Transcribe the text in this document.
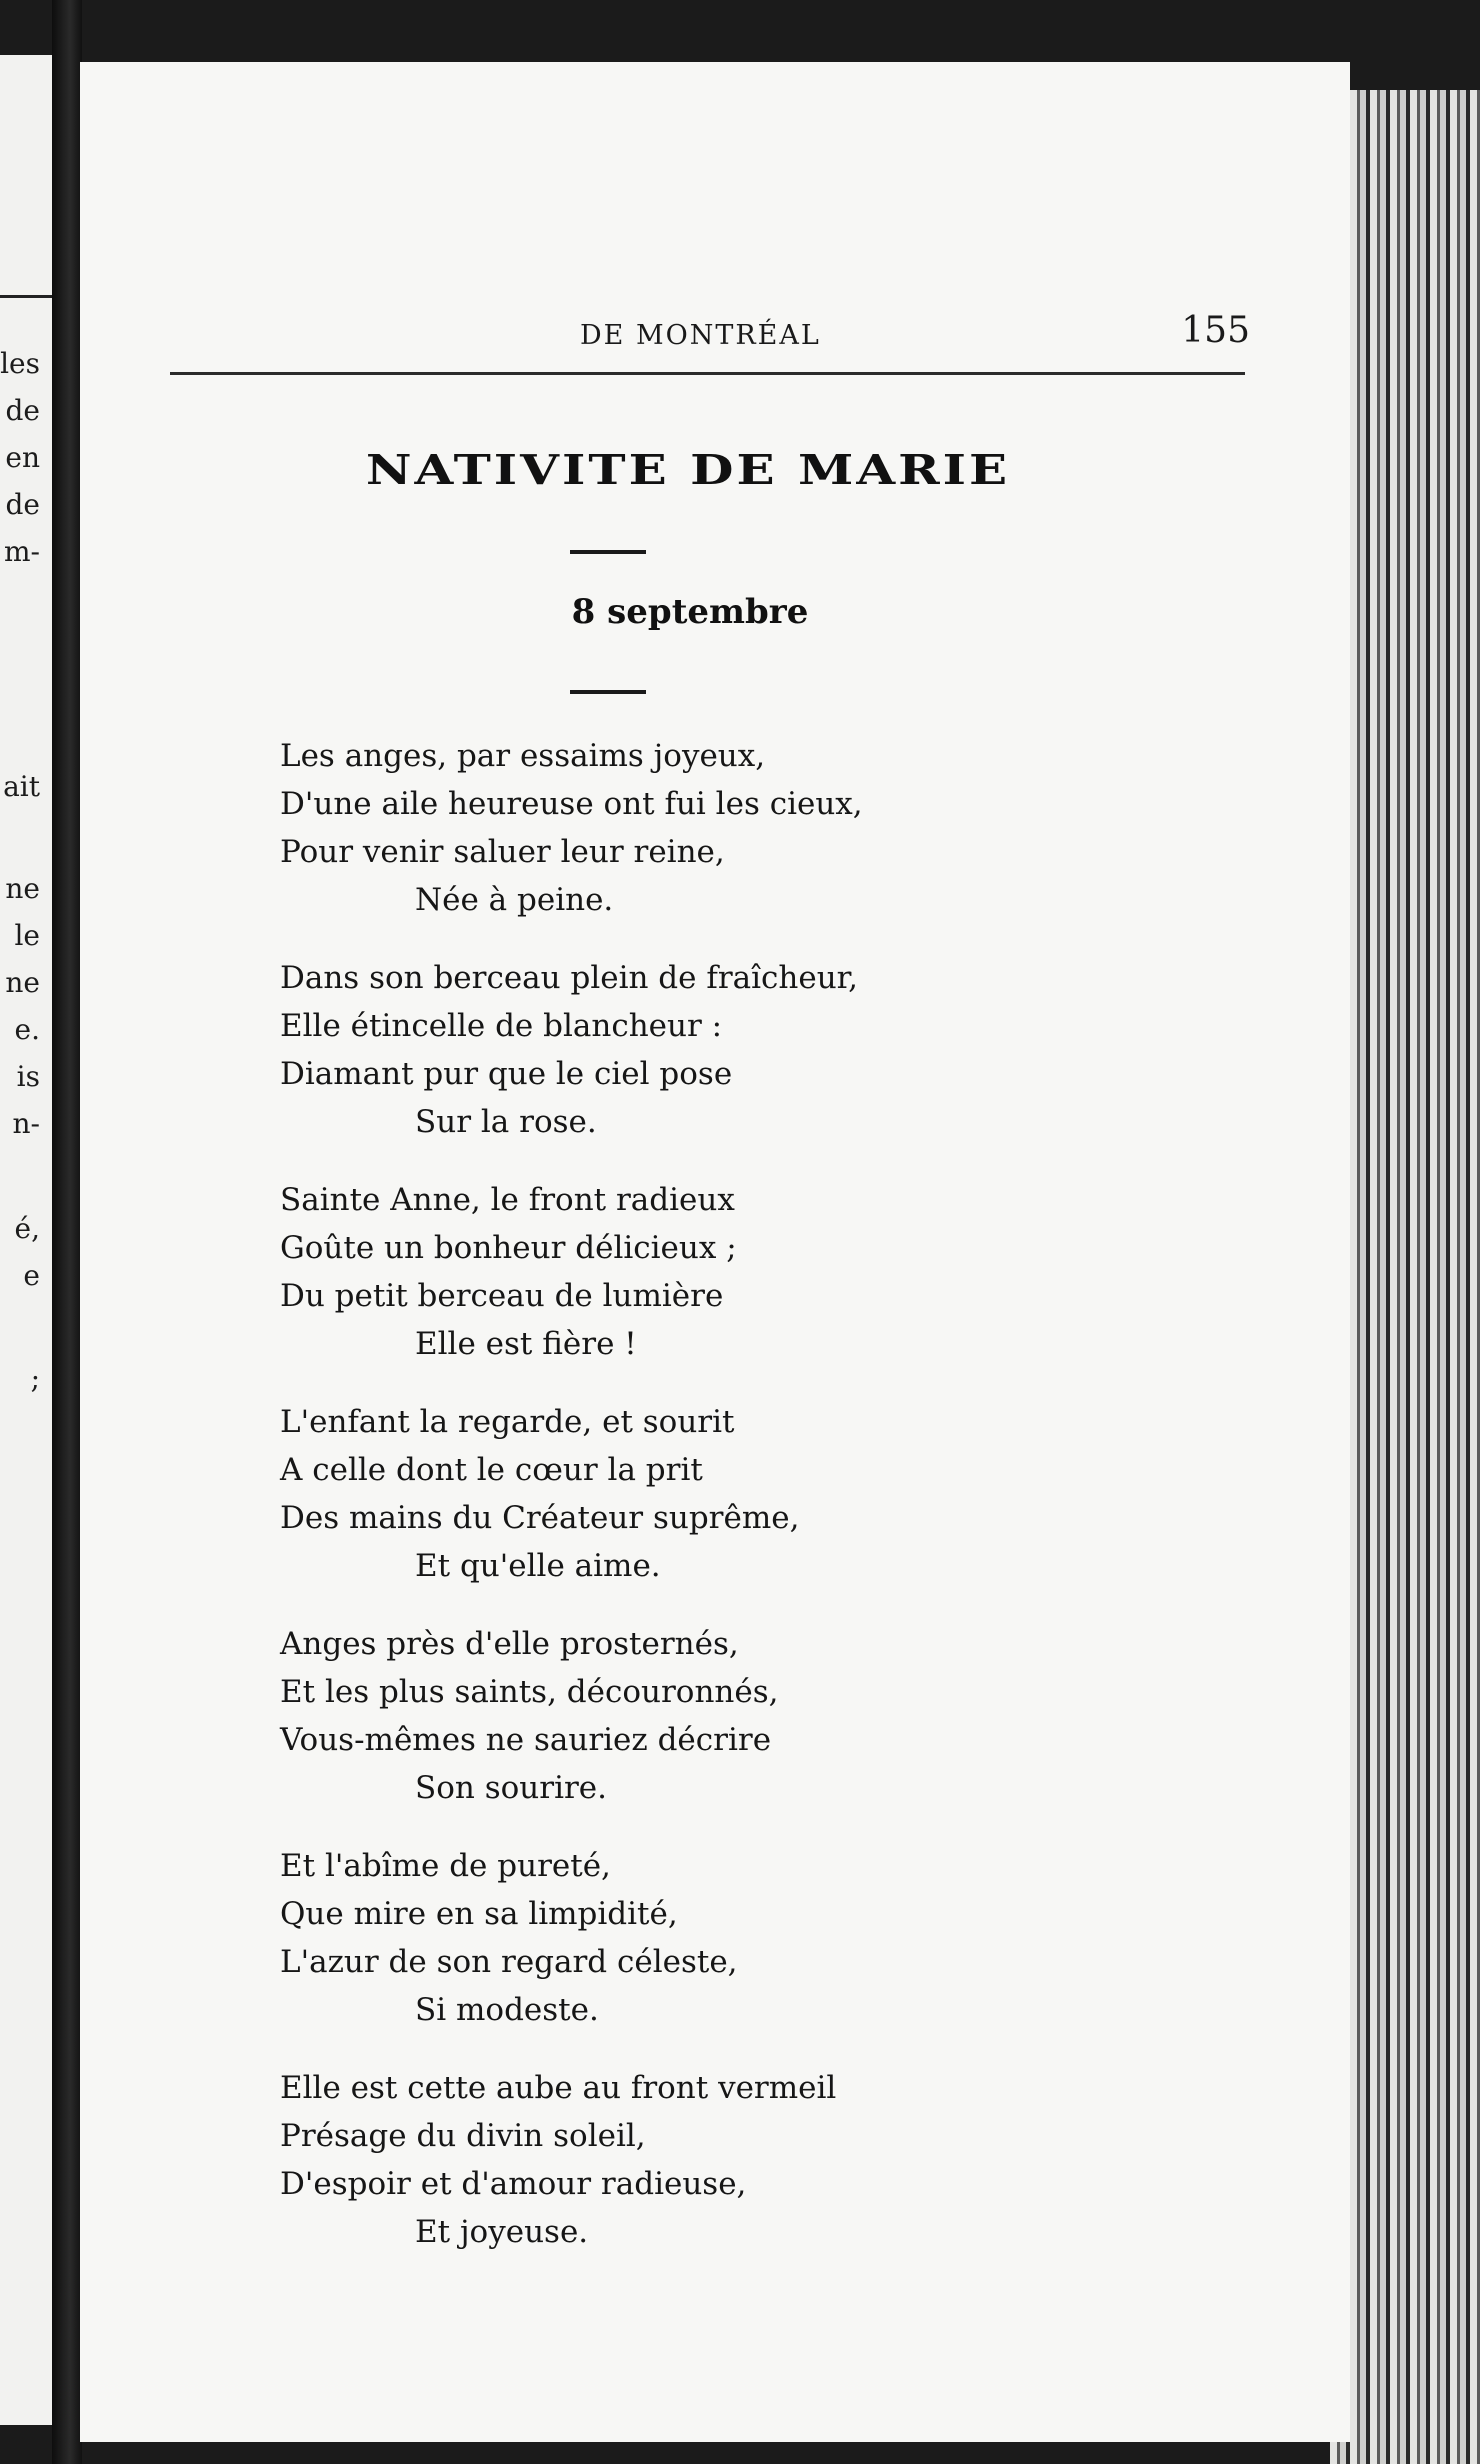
les

de

en

de

m-

ait

ne

le

ne

e.

is

n-

é,

e

;

DE MONTRÉAL	155
NATIVITE DE MARIE

8 septembre

Les anges, par essaims joyeux,
D'une aile heureuse ont fui les cieux,
Pour venir saluer leur reine,
Née à peine.
Dans son berceau plein de fraîcheur,
Elle étincelle de blancheur :
Diamant pur que le ciel pose
Sur la rose.
Sainte Anne, le front radieux
Goûte un bonheur délicieux ;
Du petit berceau de lumière
Elle est fière !
L'enfant la regarde, et sourit
A celle dont le cœur la prit
Des mains du Créateur suprême,
Et qu'elle aime.
Anges près d'elle prosternés,
Et les plus saints, découronnés,
Vous-mêmes ne sauriez décrire
Son sourire.
Et l'abîme de pureté,
Que mire en sa limpidité,
L'azur de son regard céleste,
Si modeste.
Elle est cette aube au front vermeil
Présage du divin soleil,
D'espoir et d'amour radieuse,
Et joyeuse.
